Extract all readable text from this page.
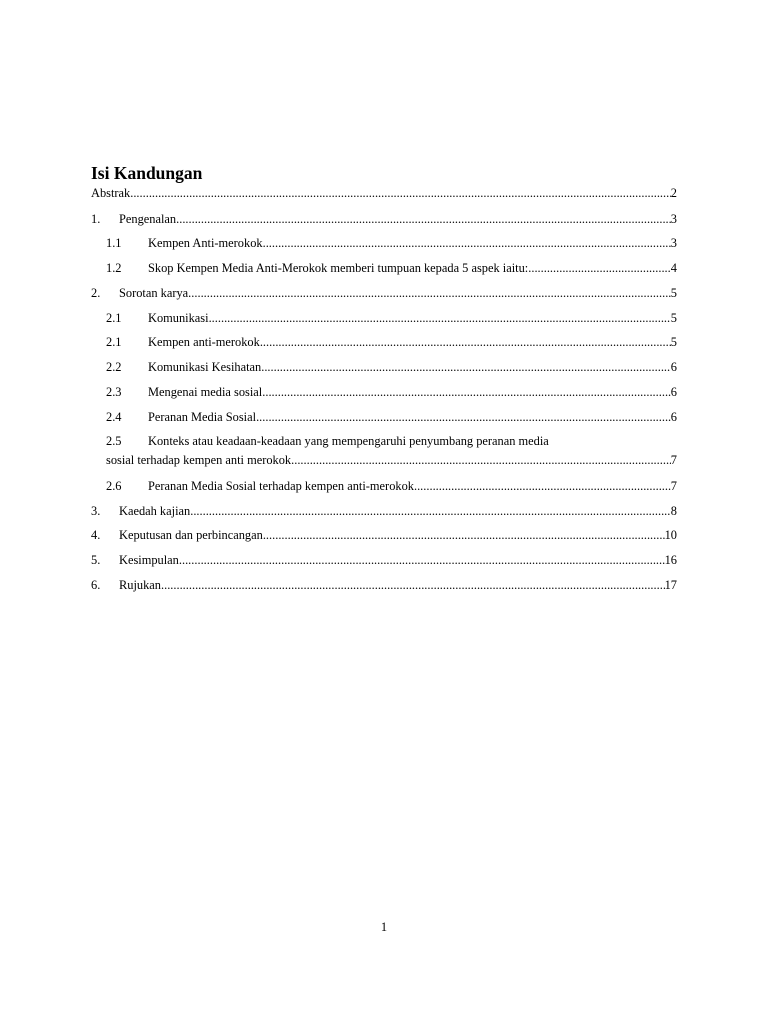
Isi Kandungan
Abstrak .....	2
1.	Pengenalan .....	3
1.1	Kempen Anti-merokok .....	3
1.2	Skop Kempen Media Anti-Merokok memberi tumpuan kepada 5 aspek iaitu: .....	4
2.	Sorotan karya .....	5
2.1	Komunikasi .....	5
2.1	Kempen anti-merokok .....	5
2.2	Komunikasi Kesihatan .....	6
2.3	Mengenai media sosial .....	6
2.4	Peranan Media Sosial .....	6
2.5 Konteks atau keadaan-keadaan yang mempengaruhi penyumbang peranan media
sosial terhadap kempen anti merokok .....	7
2.6	Peranan Media Sosial terhadap kempen anti-merokok .....	7
3.	Kaedah kajian .....	8
4.	Keputusan dan perbincangan .....	10
5.	Kesimpulan .....	16
6.	Rujukan .....	17
1
